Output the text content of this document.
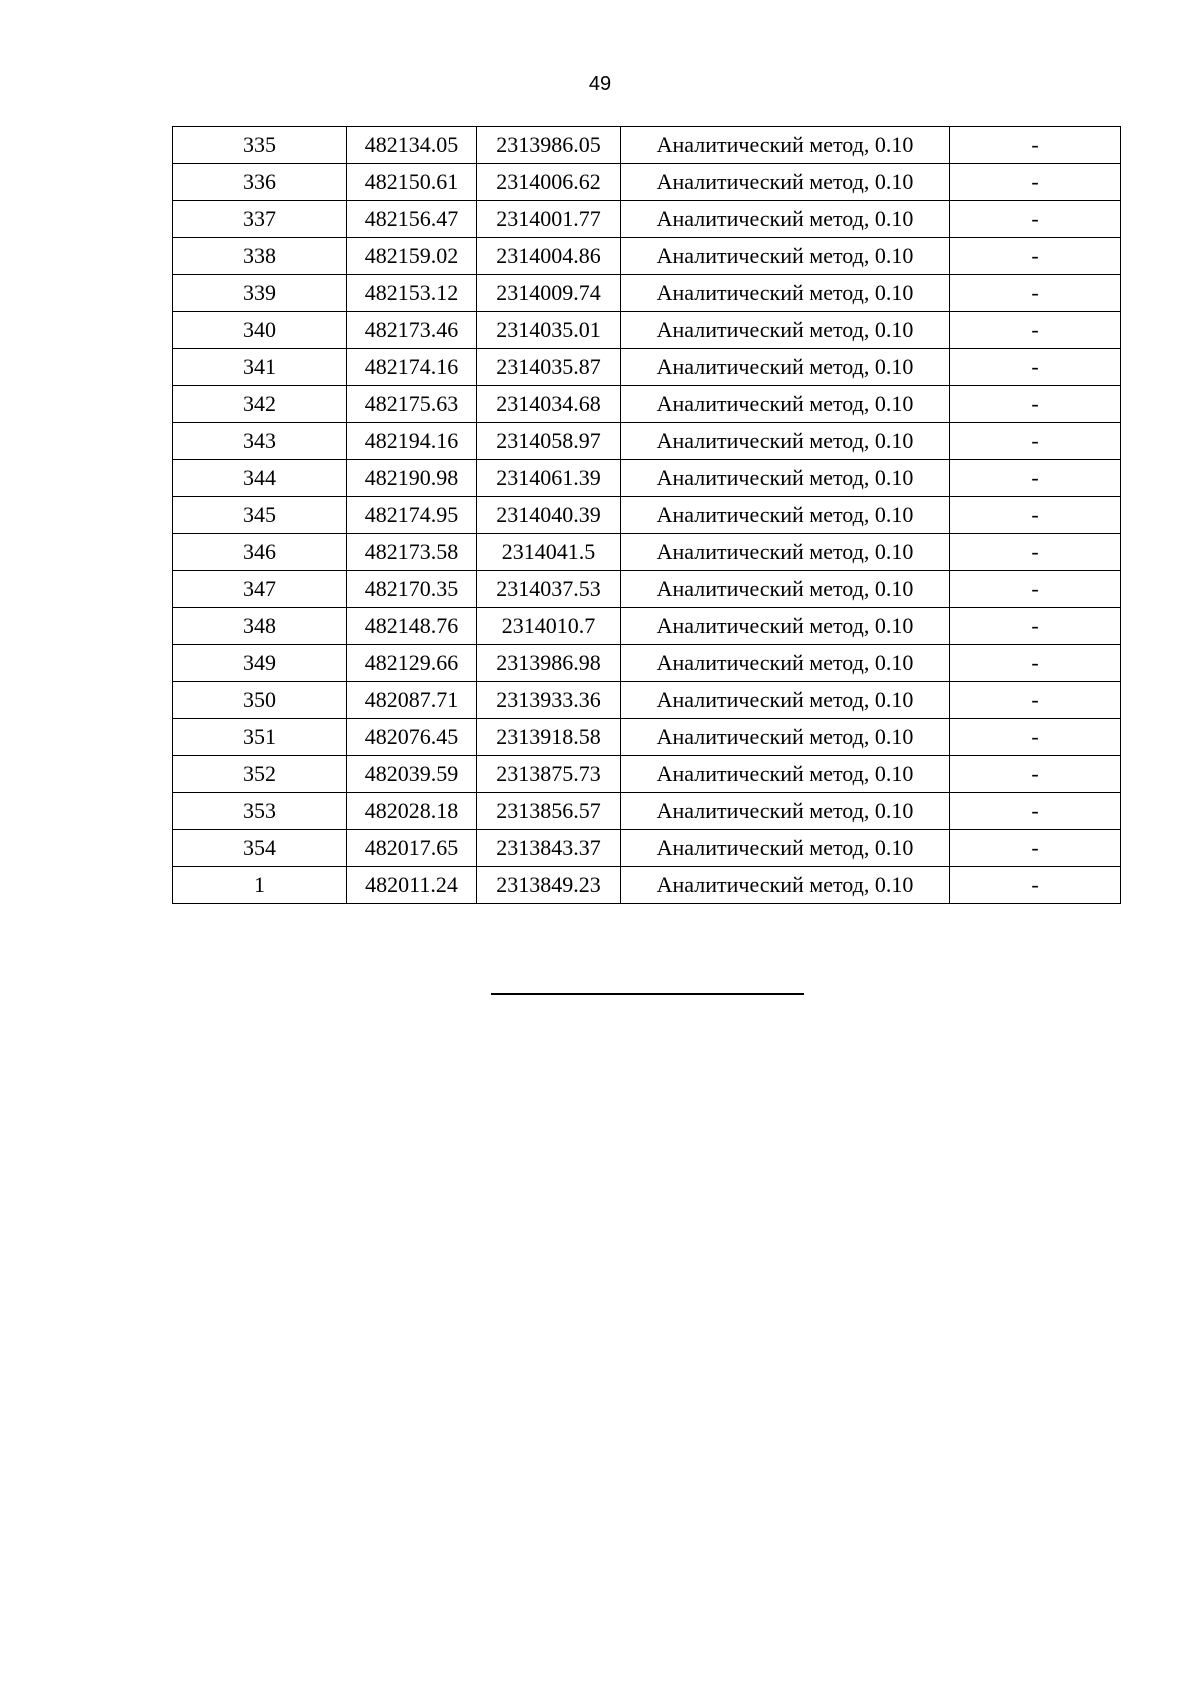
49
335	482134.05	2313986.05	Аналитический метод, 0.10	-
336	482150.61	2314006.62	Аналитический метод, 0.10	-
337	482156.47	2314001.77	Аналитический метод, 0.10	-
338	482159.02	2314004.86	Аналитический метод, 0.10	-
339	482153.12	2314009.74	Аналитический метод, 0.10	-
340	482173.46	2314035.01	Аналитический метод, 0.10	-
341	482174.16	2314035.87	Аналитический метод, 0.10	-
342	482175.63	2314034.68	Аналитический метод, 0.10	-
343	482194.16	2314058.97	Аналитический метод, 0.10	-
344	482190.98	2314061.39	Аналитический метод, 0.10	-
345	482174.95	2314040.39	Аналитический метод, 0.10	-
346	482173.58	2314041.5	Аналитический метод, 0.10	-
347	482170.35	2314037.53	Аналитический метод, 0.10	-
348	482148.76	2314010.7	Аналитический метод, 0.10	-
349	482129.66	2313986.98	Аналитический метод, 0.10	-
350	482087.71	2313933.36	Аналитический метод, 0.10	-
351	482076.45	2313918.58	Аналитический метод, 0.10	-
352	482039.59	2313875.73	Аналитический метод, 0.10	-
353	482028.18	2313856.57	Аналитический метод, 0.10	-
354	482017.65	2313843.37	Аналитический метод, 0.10	-
1	482011.24	2313849.23	Аналитический метод, 0.10	-
